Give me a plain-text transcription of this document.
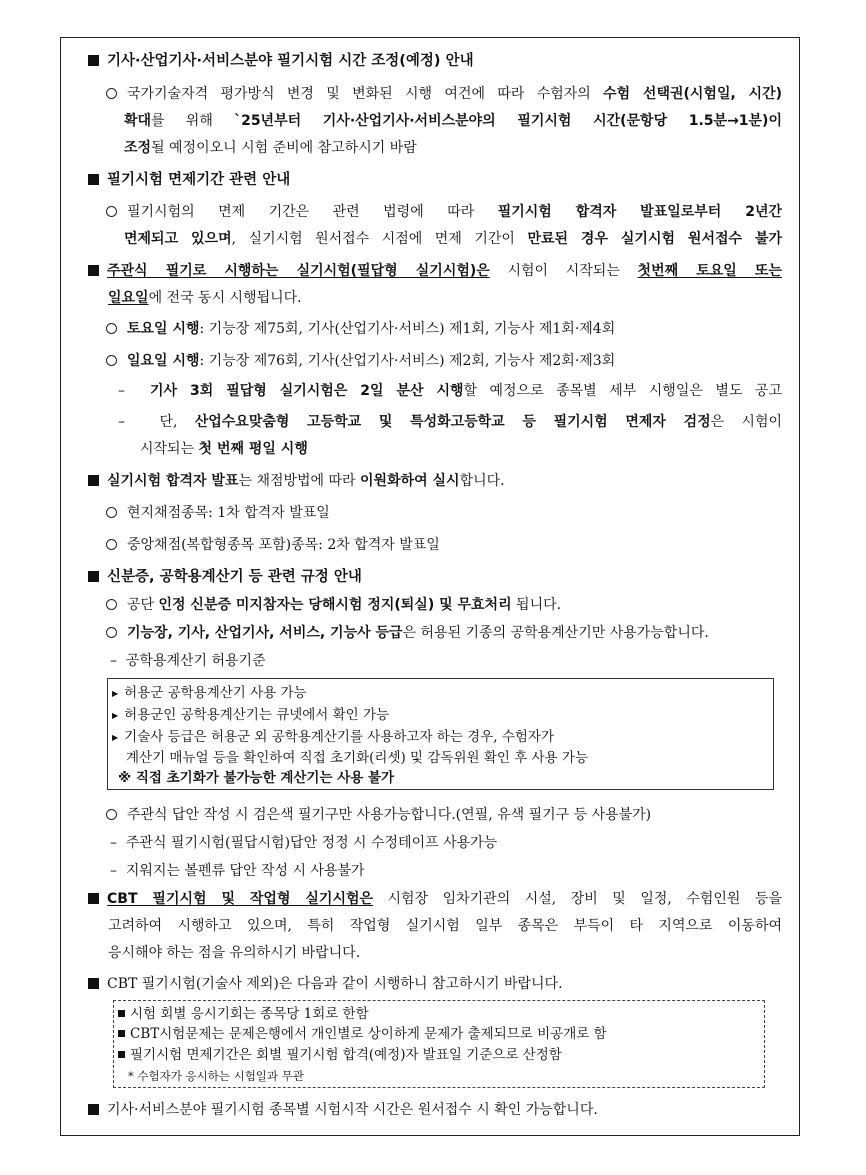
기사·산업기사·서비스분야 필기시험 시간 조정(예정) 안내
국가기술자격 평가방식 변경 및 변화된 시행 여건에 따라 수험자의 수험 선택권(시험일, 시간)
확대를 위해 `25년부터 기사·산업기사·서비스분야의 필기시험 시간(문항당 1.5분→1분)이
조정될 예정이오니 시험 준비에 참고하시기 바람
필기시험 면제기간 관련 안내
필기시험의 면제 기간은 관련 법령에 따라 필기시험 합격자 발표일로부터 2년간
면제되고 있으며, 실기시험 원서접수 시점에 면제 기간이 만료된 경우 실기시험 원서접수 불가
주관식 필기로 시행하는 실기시험(필답형 실기시험)은 시험이 시작되는 첫번째 토요일 또는
일요일에 전국 동시 시행됩니다.
토요일 시행: 기능장 제75회, 기사(산업기사·서비스) 제1회, 기능사 제1회·제4회
일요일 시행: 기능장 제76회, 기사(산업기사·서비스) 제2회, 기능사 제2회·제3회
–  기사 3회 필답형 실기시험은 2일 분산 시행할 예정으로 종목별 세부 시행일은 별도 공고
–  단, 산업수요맞춤형 고등학교 및 특성화고등학교 등 필기시험 면제자 검정은 시험이
시작되는 첫 번째 평일 시행
실기시험 합격자 발표는 채점방법에 따라 이원화하여 실시합니다.
현지채점종목: 1차 합격자 발표일
중앙채점(복합형종목 포함)종목: 2차 합격자 발표일
신분증, 공학용계산기 등 관련 규정 안내
공단 인정 신분증 미지참자는 당해시험 정지(퇴실) 및 무효처리 됩니다.
기능장, 기사, 산업기사, 서비스, 기능사 등급은 허용된 기종의 공학용계산기만 사용가능합니다.
–  공학용계산기 허용기준
▶ 허용군 공학용계산기 사용 가능
▶ 허용군인 공학용계산기는 큐넷에서 확인 가능
▶ 기술사 등급은 허용군 외 공학용계산기를 사용하고자 하는 경우, 수험자가
계산기 매뉴얼 등을 확인하여 직접 초기화(리셋) 및 감독위원 확인 후 사용 가능
※ 직접 초기화가 불가능한 계산기는 사용 불가
주관식 답안 작성 시 검은색 필기구만 사용가능합니다.(연필, 유색 필기구 등 사용불가)
–  주관식 필기시험(필답시험)답안 정정 시 수정테이프 사용가능
–  지워지는 볼펜류 답안 작성 시 사용불가
CBT 필기시험 및 작업형 실기시험은 시험장 임차기관의 시설, 장비 및 일정, 수험인원 등을
고려하여 시행하고 있으며, 특히 작업형 실기시험 일부 종목은 부득이 타 지역으로 이동하여
응시해야 하는 점을 유의하시기 바랍니다.
CBT 필기시험(기술사 제외)은 다음과 같이 시행하니 참고하시기 바랍니다.
시험 회별 응시기회는 종목당 1회로 한함
CBT시험문제는 문제은행에서 개인별로 상이하게 문제가 출제되므로 비공개로 함
필기시험 면제기간은 회별 필기시험 합격(예정)자 발표일 기준으로 산정함
* 수험자가 응시하는 시험일과 무관
기사·서비스분야 필기시험 종목별 시험시작 시간은 원서접수 시 확인 가능합니다.
